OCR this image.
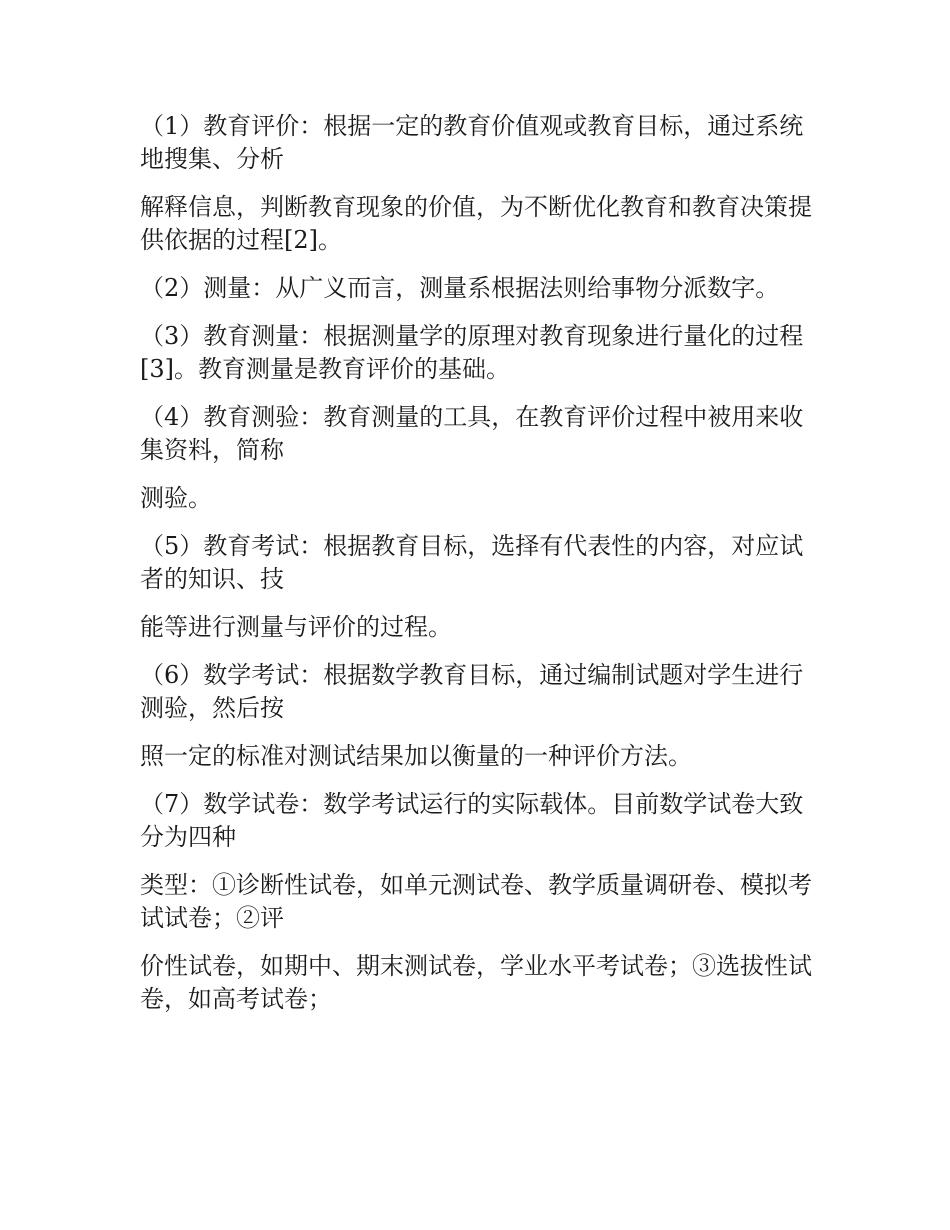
（1）教育评价：根据一定的教育价值观或教育目标，通过系统地搜集、分析

解释信息，判断教育现象的价值，为不断优化教育和教育决策提供依据的过程[2]。

（2）测量：从广义而言，测量系根据法则给事物分派数字。

（3）教育测量：根据测量学的原理对教育现象进行量化的过程[3]。教育测量是教育评价的基础。

（4）教育测验：教育测量的工具，在教育评价过程中被用来收集资料，简称

测验。

（5）教育考试：根据教育目标，选择有代表性的内容，对应试者的知识、技

能等进行测量与评价的过程。

（6）数学考试：根据数学教育目标，通过编制试题对学生进行测验，然后按

照一定的标准对测试结果加以衡量的一种评价方法。

（7）数学试卷：数学考试运行的实际载体。目前数学试卷大致分为四种

类型：①诊断性试卷，如单元测试卷、教学质量调研卷、模拟考试试卷；②评

价性试卷，如期中、期末测试卷，学业水平考试卷；③选拔性试卷，如高考试卷；
